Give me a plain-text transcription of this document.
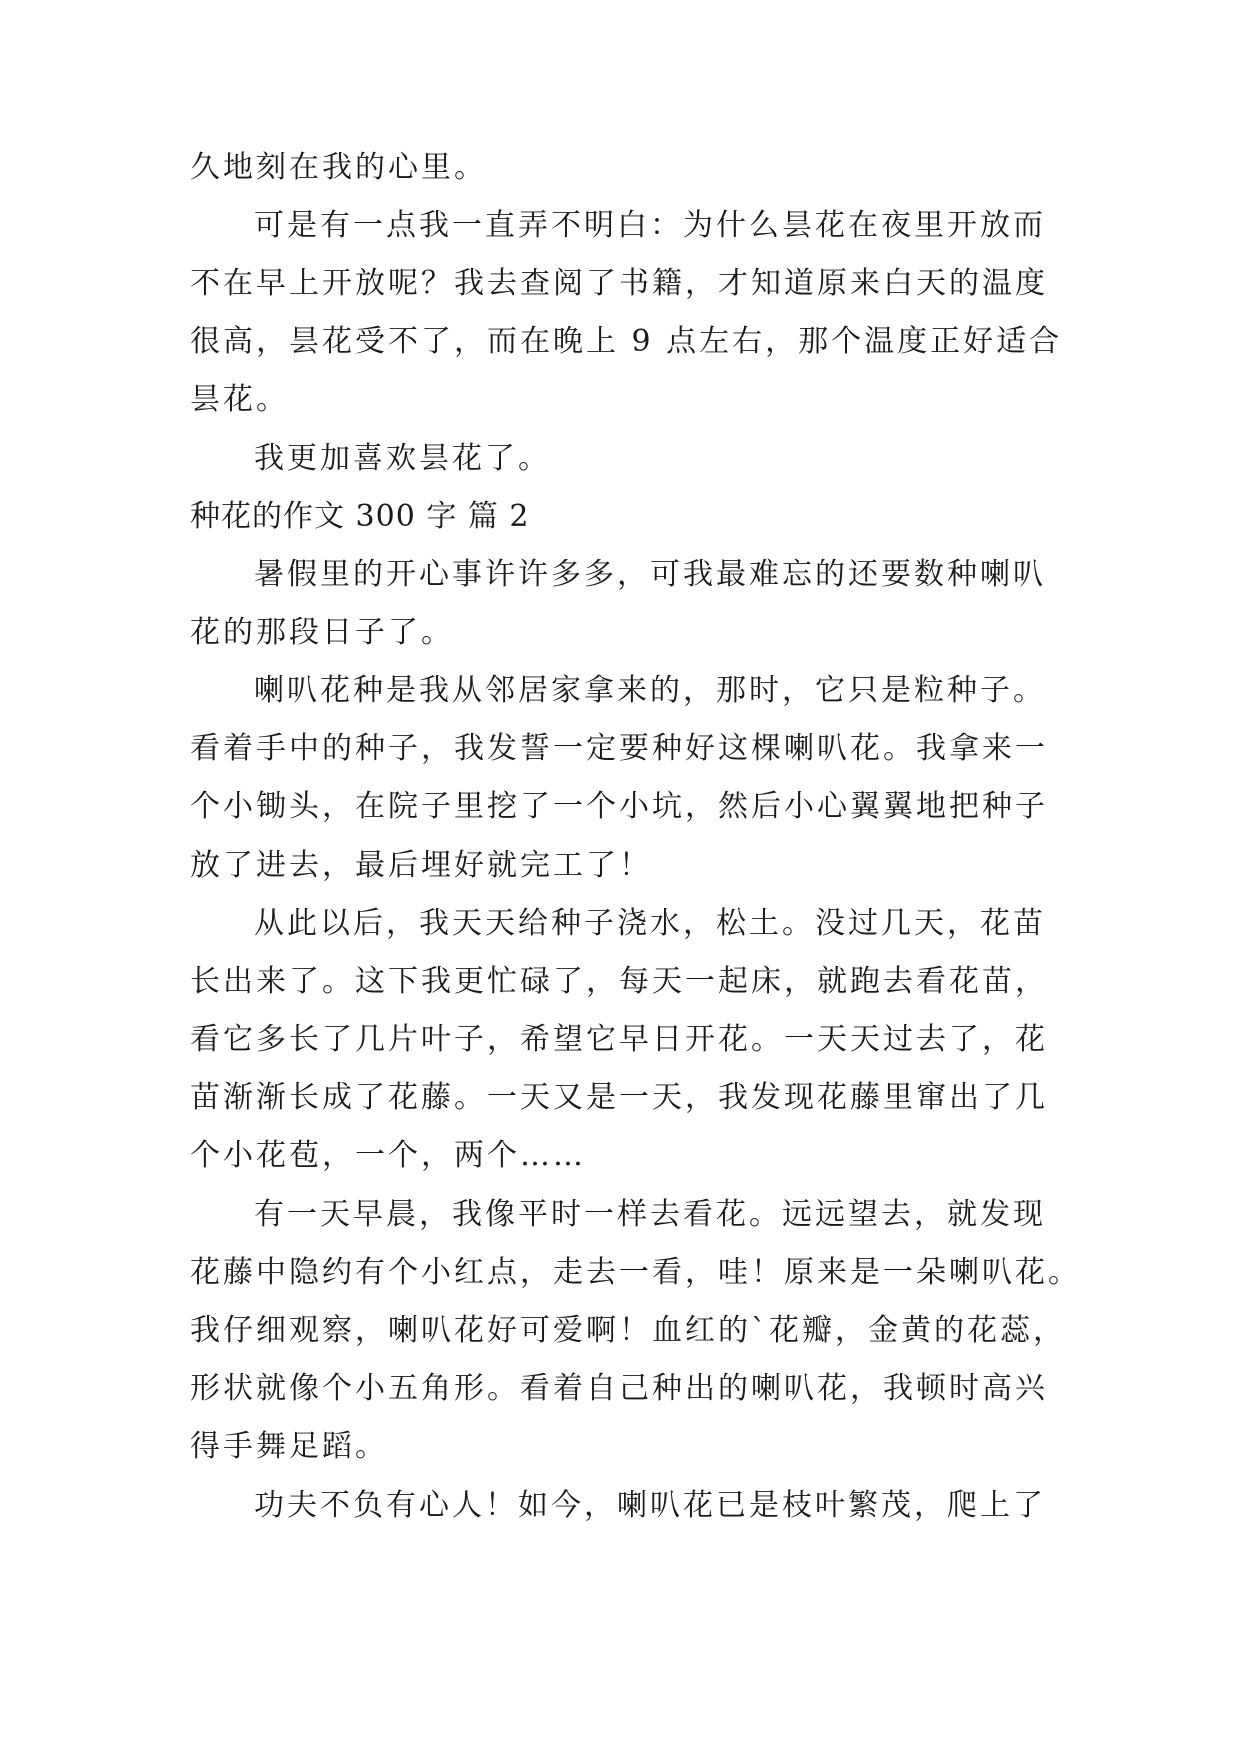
久地刻在我的心里。
可是有一点我一直弄不明白：为什么昙花在夜里开放而
不在早上开放呢？我去查阅了书籍，才知道原来白天的温度
很高，昙花受不了，而在晚上 9 点左右，那个温度正好适合
昙花。
我更加喜欢昙花了。
种花的作文 300 字 篇 2
暑假里的开心事许许多多，可我最难忘的还要数种喇叭
花的那段日子了。
喇叭花种是我从邻居家拿来的，那时，它只是粒种子。
看着手中的种子，我发誓一定要种好这棵喇叭花。我拿来一
个小锄头，在院子里挖了一个小坑，然后小心翼翼地把种子
放了进去，最后埋好就完工了！
从此以后，我天天给种子浇水，松土。没过几天，花苗
长出来了。这下我更忙碌了，每天一起床，就跑去看花苗，
看它多长了几片叶子，希望它早日开花。一天天过去了，花
苗渐渐长成了花藤。一天又是一天，我发现花藤里窜出了几
个小花苞，一个，两个……
有一天早晨，我像平时一样去看花。远远望去，就发现
花藤中隐约有个小红点，走去一看，哇！原来是一朵喇叭花。
我仔细观察，喇叭花好可爱啊！血红的`花瓣，金黄的花蕊，
形状就像个小五角形。看着自己种出的喇叭花，我顿时高兴
得手舞足蹈。
功夫不负有心人！如今，喇叭花已是枝叶繁茂，爬上了
